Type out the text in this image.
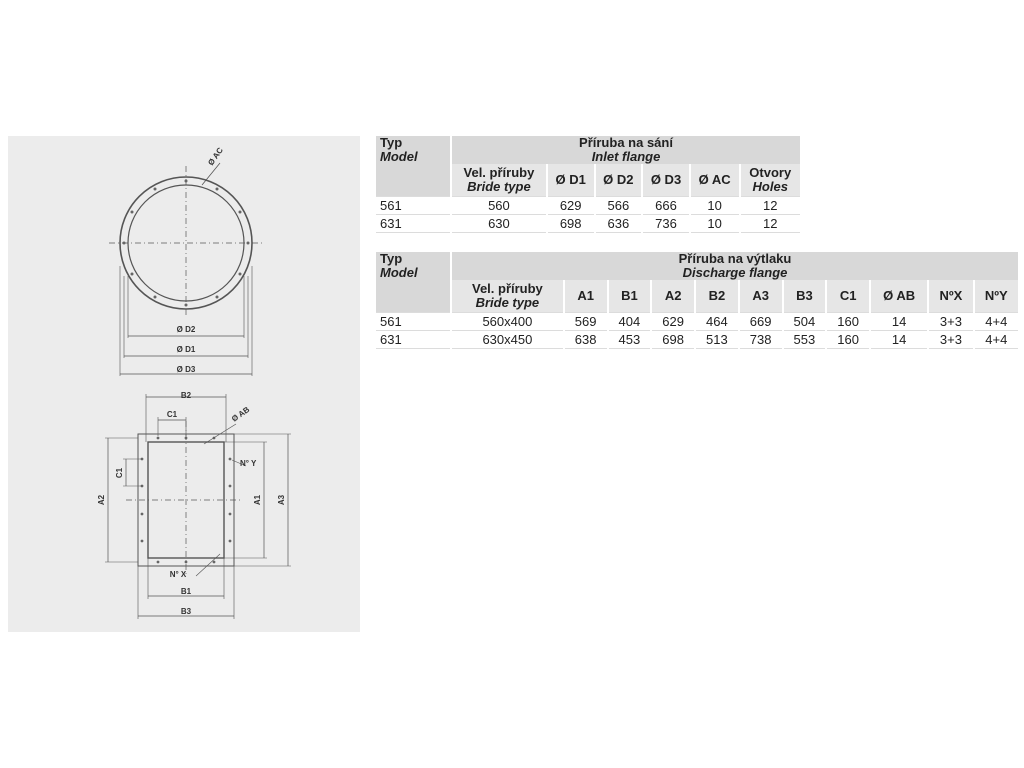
Ø AC
Ø D2
Ø D1
Ø D3
B2
C1	Ø AB
C1
N° Y
A2	A1 A3
N° X
B1
B3
Typ
Model	Příruba na sání
Inlet flange					

	Vel. příruby
Bride type	Ø D1	Ø D2	Ø D3	Ø AC	Otvory
Holes

561	560	629	566	666	10	12
631	630	698	636	736	10	12
Typ
Model	Příruba na výtlaku
Discharge flange										

	Vel. příruby
Bride type	A1	B1	A2	B2	A3	B3	C1	Ø AB	NºX	NºY
561	560x400	569	404	629	464	669	504	160	14	3+3	4+4
631	630x450	638	453	698	513	738	553	160	14	3+3	4+4
